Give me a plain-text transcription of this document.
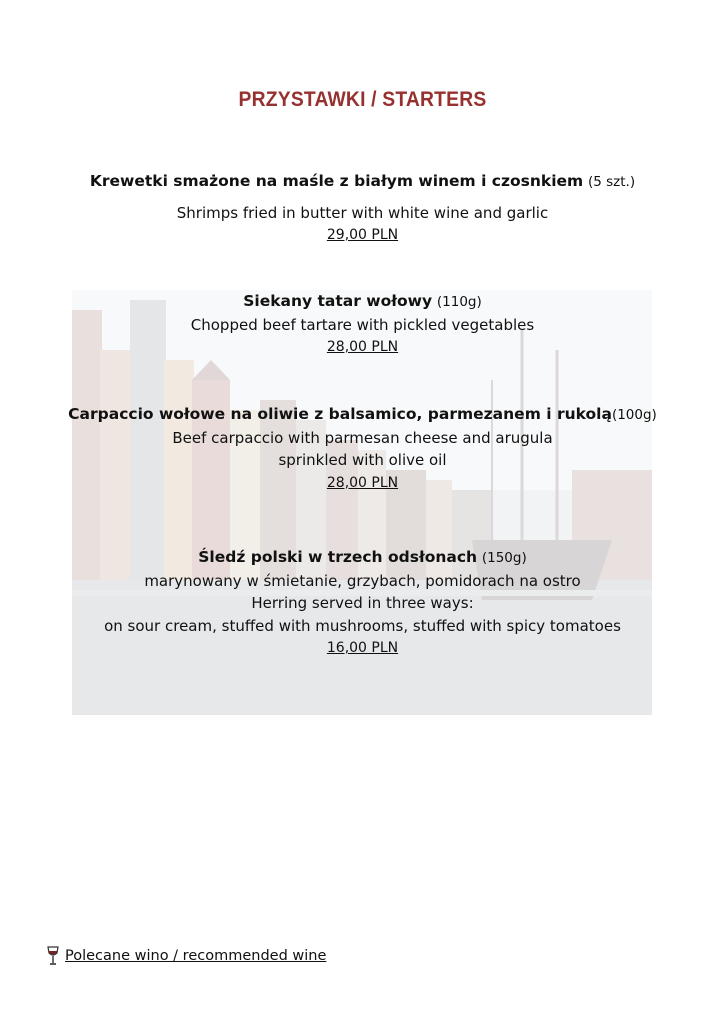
PRZYSTAWKI / STARTERS
Krewetki smażone na maśle z białym winem i czosnkiem (5 szt.)
Shrimps fried in butter with white wine and garlic
29,00 PLN
Siekany tatar wołowy (110g)
Chopped beef tartare with pickled vegetables
28,00 PLN
Carpaccio wołowe na oliwie z balsamico, parmezanem i rukolą(100g)
Beef carpaccio with parmesan cheese and arugula
sprinkled with olive oil
28,00 PLN
Śledź polski w trzech odsłonach (150g)
marynowany w śmietanie, grzybach, pomidorach na ostro
Herring served in three ways:
on sour cream, stuffed with mushrooms, stuffed with spicy tomatoes
16,00 PLN
Polecane wino / recommended wine
